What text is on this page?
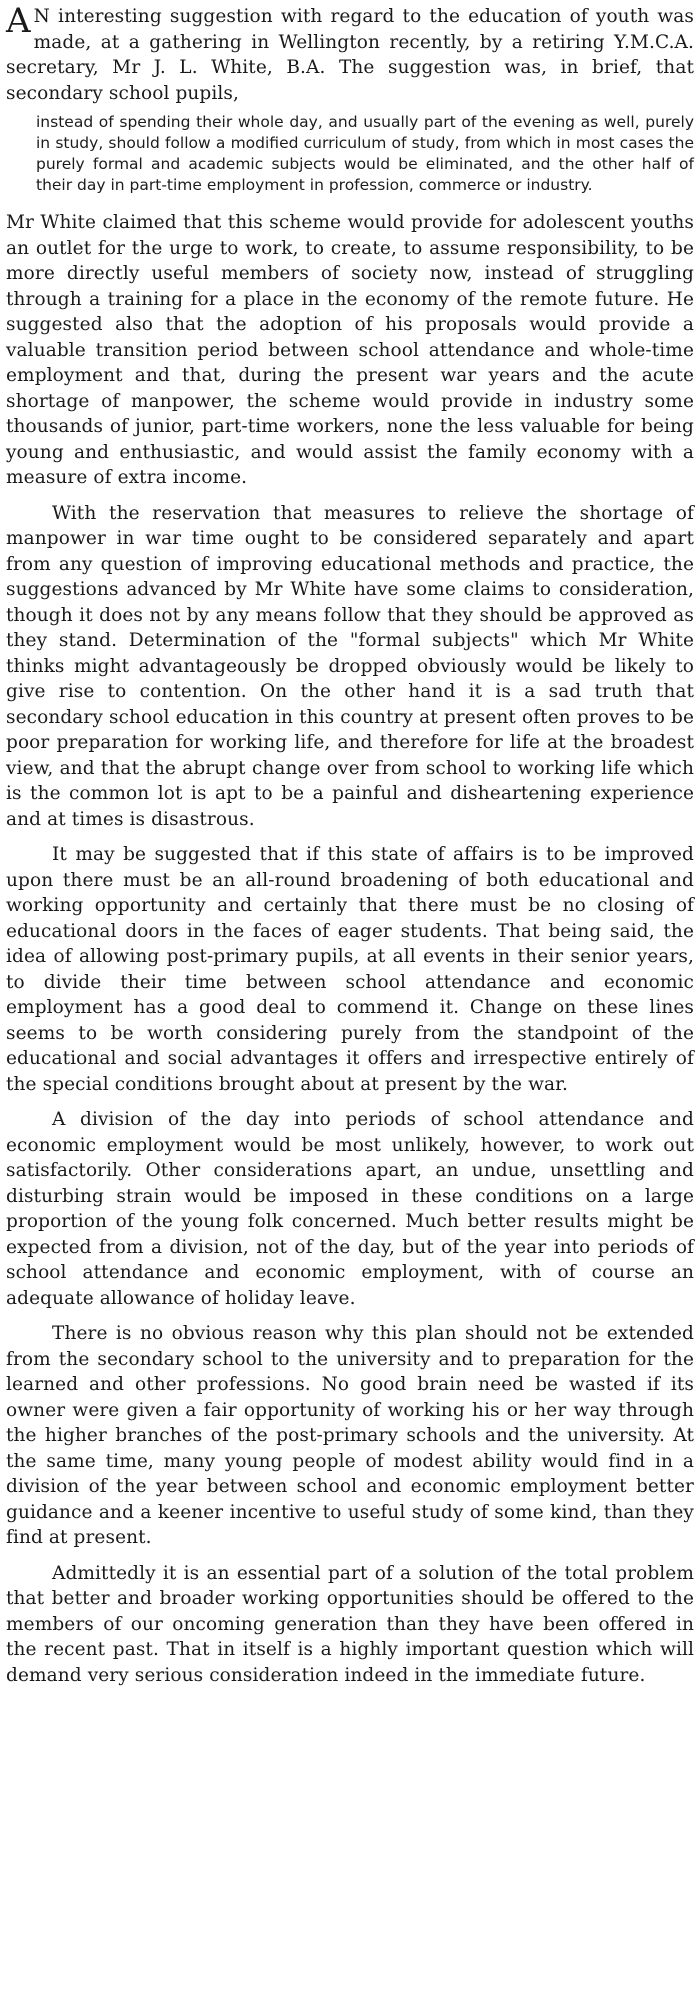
A N interesting suggestion with regard to the education of youth was made, at a gathering in Wellington recently, by a retiring Y.M.C.A. secretary, Mr J. L. White, B.A. The suggestion was, in brief, that secondary school pupils,

instead of spending their whole day, and usually part of the evening as well, purely in study, should follow a modified curriculum of study, from which in most cases the purely formal and academic subjects would be eliminated, and the other half of their day in part-time employment in profession, commerce or industry.

Mr White claimed that this scheme would provide for adolescent youths an outlet for the urge to work, to create, to assume responsibility, to be more directly useful members of society now, instead of struggling through a training for a place in the economy of the remote future. He suggested also that the adoption of his proposals would provide a valuable transition period between school attendance and whole-time employment and that, during the present war years and the acute shortage of manpower, the scheme would provide in industry some thousands of junior, part-time workers, none the less valuable for being young and enthusiastic, and would assist the family economy with a measure of extra income.

With the reservation that measures to relieve the shortage of manpower in war time ought to be considered separately and apart from any question of improving educational methods and practice, the suggestions advanced by Mr White have some claims to consideration, though it does not by any means follow that they should be approved as they stand. Determination of the "formal subjects" which Mr White thinks might advantageously be dropped obviously would be likely to give rise to contention. On the other hand it is a sad truth that secondary school education in this country at present often proves to be poor preparation for working life, and therefore for life at the broadest view, and that the abrupt change over from school to working life which is the common lot is apt to be a painful and disheartening experience and at times is disastrous.

It may be suggested that if this state of affairs is to be improved upon there must be an all-round broadening of both educational and working opportunity and certainly that there must be no closing of educational doors in the faces of eager students. That being said, the idea of allowing post-primary pupils, at all events in their senior years, to divide their time between school attendance and economic employment has a good deal to commend it. Change on these lines seems to be worth considering purely from the standpoint of the educational and social advantages it offers and irrespective entirely of the special conditions brought about at present by the war.

A division of the day into periods of school attendance and economic employment would be most unlikely, however, to work out satisfactorily. Other considerations apart, an undue, unsettling and disturbing strain would be imposed in these conditions on a large proportion of the young folk concerned. Much better results might be expected from a division, not of the day, but of the year into periods of school attendance and economic employment, with of course an adequate allowance of holiday leave.

There is no obvious reason why this plan should not be extended from the secondary school to the university and to preparation for the learned and other professions. No good brain need be wasted if its owner were given a fair opportunity of working his or her way through the higher branches of the post-primary schools and the university. At the same time, many young people of modest ability would find in a division of the year between school and economic employment better guidance and a keener incentive to useful study of some kind, than they find at present.

Admittedly it is an essential part of a solution of the total problem that better and broader working opportunities should be offered to the members of our oncoming generation than they have been offered in the recent past. That in itself is a highly important question which will demand very serious consideration indeed in the immediate future.
